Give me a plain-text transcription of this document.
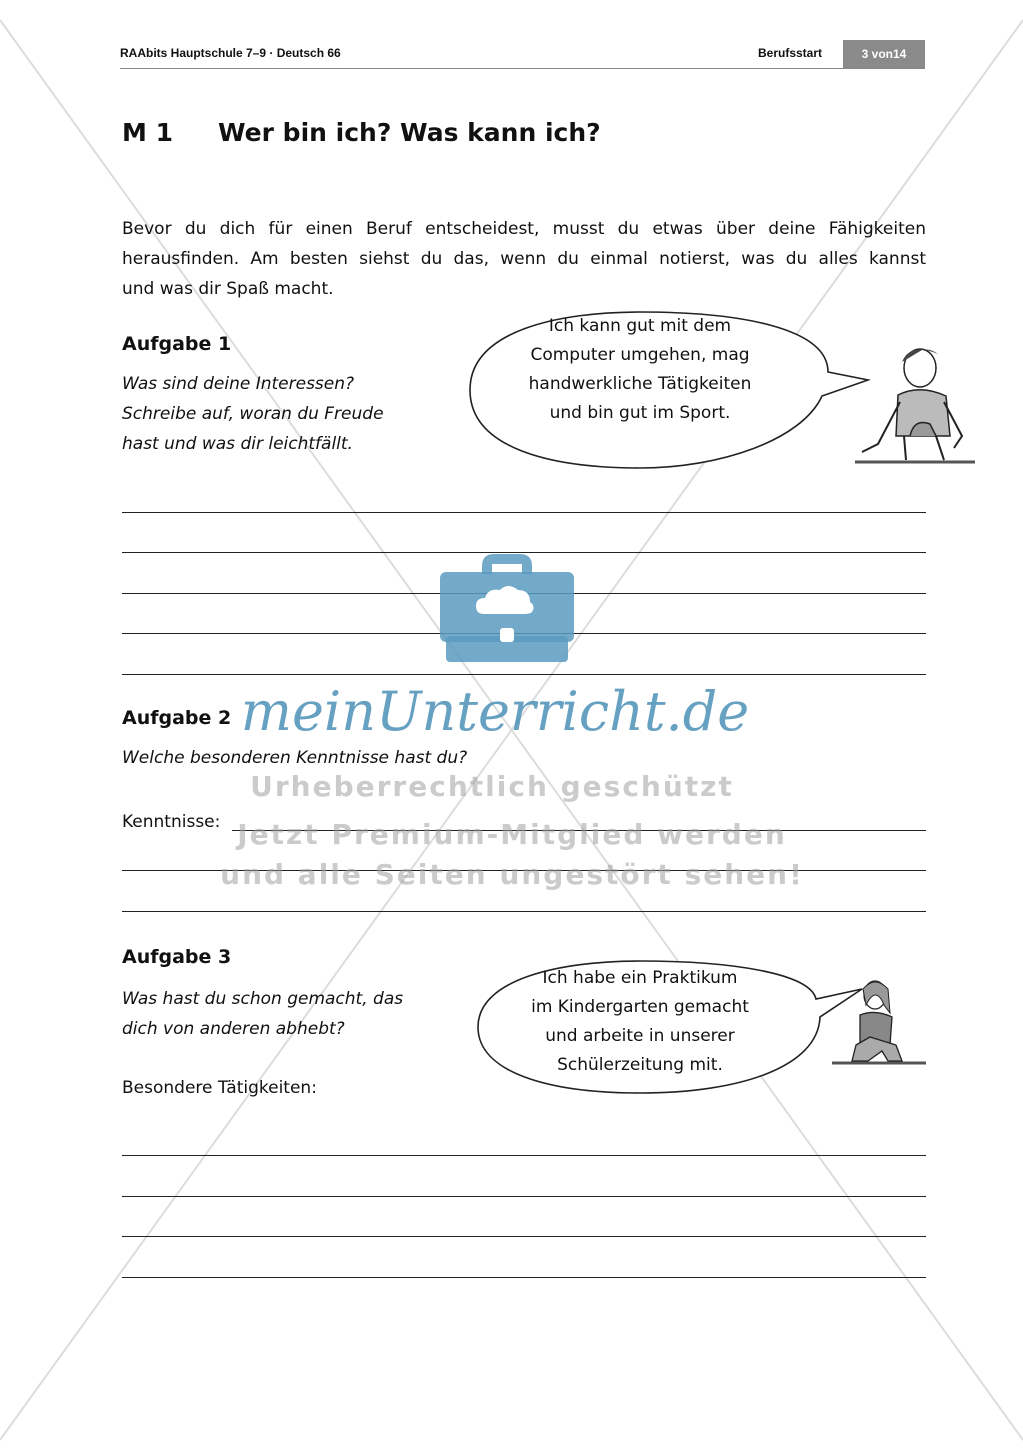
RAAbits Hauptschule 7–9 · Deutsch 66	Berufsstart	3 von14
M 1 Wer bin ich? Was kann ich?
Bevor du dich für einen Beruf entscheidest, musst du etwas über deine Fähigkeiten
herausfinden. Am besten siehst du das, wenn du einmal notierst, was du alles kannst
und was dir Spaß macht.
Aufgabe 1
Was sind deine Interessen?
Schreibe auf, woran du Freude
hast und was dir leichtfällt.
Ich kann gut mit dem
Computer umgehen, mag
handwerkliche Tätigkeiten
und bin gut im Sport.
Aufgabe 2
Welche besonderen Kenntnisse hast du?
Kenntnisse:
Aufgabe 3
Was hast du schon gemacht, das
dich von anderen abhebt?
Besondere Tätigkeiten:
Ich habe ein Praktikum
im Kindergarten gemacht
und arbeite in unserer
Schülerzeitung mit.
meinUnterricht.de
Urheberrechtlich geschützt
Jetzt Premium-Mitglied werden
und alle Seiten ungestört sehen!
